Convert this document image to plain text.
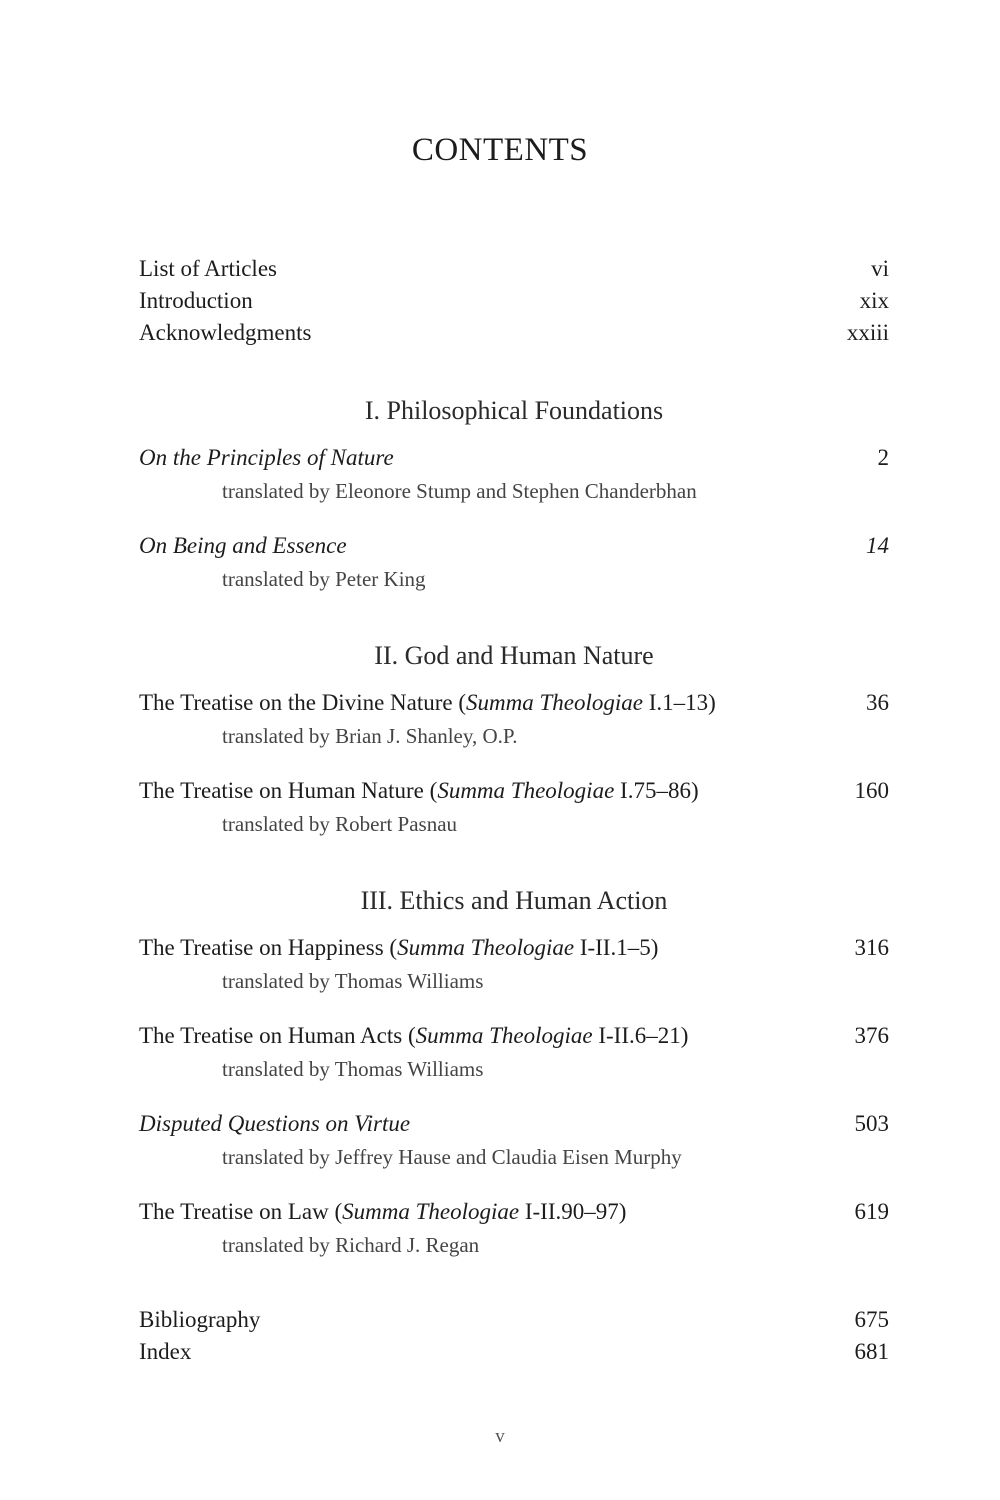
CONTENTS
List of Articles	vi
Introduction	xix
Acknowledgments	xxiii
I. Philosophical Foundations
On the Principles of Nature	2
translated by Eleonore Stump and Stephen Chanderbhan
On Being and Essence	14
translated by Peter King
II. God and Human Nature
The Treatise on the Divine Nature (Summa Theologiae I.1–13)	36
translated by Brian J. Shanley, O.P.
The Treatise on Human Nature (Summa Theologiae I.75–86)	160
translated by Robert Pasnau
III. Ethics and Human Action
The Treatise on Happiness (Summa Theologiae I-II.1–5)	316
translated by Thomas Williams
The Treatise on Human Acts (Summa Theologiae I-II.6–21)	376
translated by Thomas Williams
Disputed Questions on Virtue	503
translated by Jeffrey Hause and Claudia Eisen Murphy
The Treatise on Law (Summa Theologiae I-II.90–97)	619
translated by Richard J. Regan
Bibliography	675
Index	681
v
